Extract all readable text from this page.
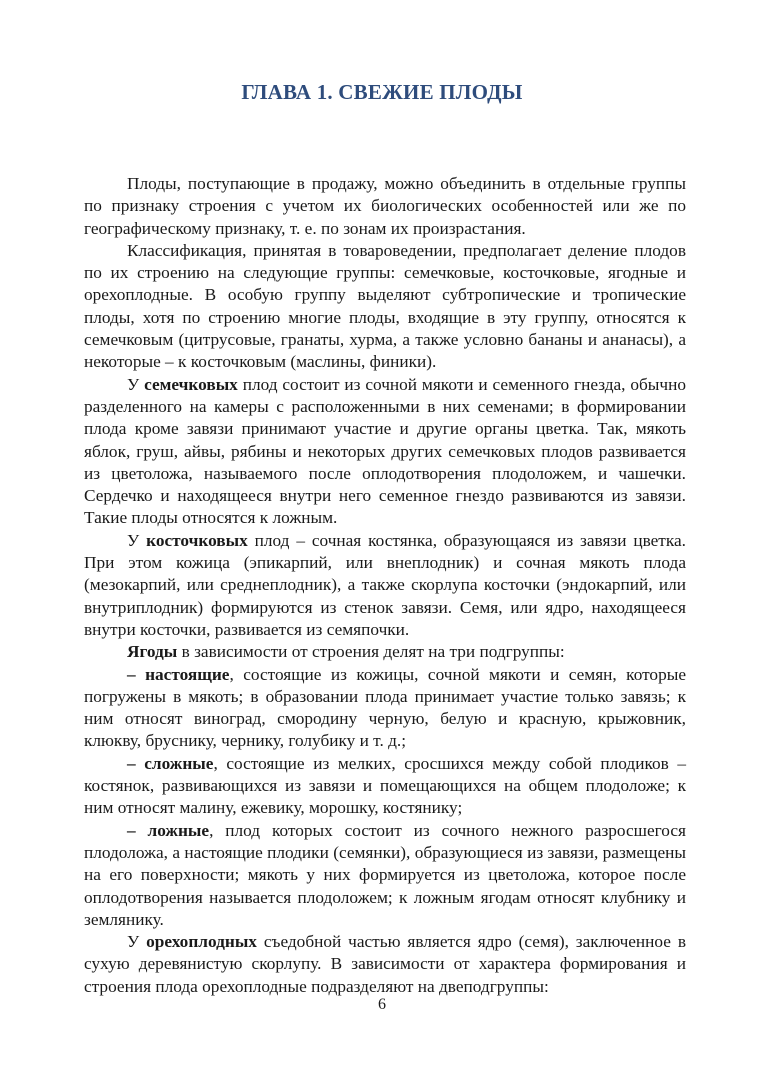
ГЛАВА 1. СВЕЖИЕ ПЛОДЫ

Плоды, поступающие в продажу, можно объединить в отдельные группы по признаку строения с учетом их биологических особенностей или же по географическому признаку, т. е. по зонам их произрастания.

Классификация, принятая в товароведении, предполагает деление плодов по их строению на следующие группы: семечковые, косточковые, ягодные и орехоплодные. В особую группу выделяют субтропические и тропические плоды, хотя по строению многие плоды, входящие в эту группу, относятся к семечковым (цитрусовые, гранаты, хурма, а также условно бананы и ананасы), а некоторые – к косточковым (маслины, финики).

У семечковых плод состоит из сочной мякоти и семенного гнезда, обычно разделенного на камеры с расположенными в них семенами; в формировании плода кроме завязи принимают участие и другие органы цветка. Так, мякоть яблок, груш, айвы, рябины и некоторых других семечковых плодов развивается из цветоложа, называемого после оплодотворения плодоложем, и чашечки. Сердечко и находящееся внутри него семенное гнездо развиваются из завязи. Такие плоды относятся к ложным.

У косточковых плод – сочная костянка, образующаяся из завязи цветка. При этом кожица (эпикарпий, или внеплодник) и сочная мякоть плода (мезокарпий, или среднеплодник), а также скорлупа косточки (эндокарпий, или внутриплодник) формируются из стенок завязи. Семя, или ядро, находящееся внутри косточки, развивается из семяпочки.

Ягоды в зависимости от строения делят на три подгруппы:

– настоящие, состоящие из кожицы, сочной мякоти и семян, которые погружены в мякоть; в образовании плода принимает участие только завязь; к ним относят виноград, смородину черную, белую и красную, крыжовник, клюкву, бруснику, чернику, голубику и т. д.;

– сложные, состоящие из мелких, сросшихся между собой плодиков – костянок, развивающихся из завязи и помещающихся на общем плодоложе; к ним относят малину, ежевику, морошку, костянику;

– ложные, плод которых состоит из сочного нежного разросшегося плодоложа, а настоящие плодики (семянки), образующиеся из завязи, размещены на его поверхности; мякоть у них формируется из цветоложа, которое после оплодотворения называется плодоложем; к ложным ягодам относят клубнику и землянику.

У орехоплодных съедобной частью является ядро (семя), заключенное в сухую деревянистую скорлупу. В зависимости от характера формирования и строения плода орехоплодные подразделяют на двеподгруппы:

6
